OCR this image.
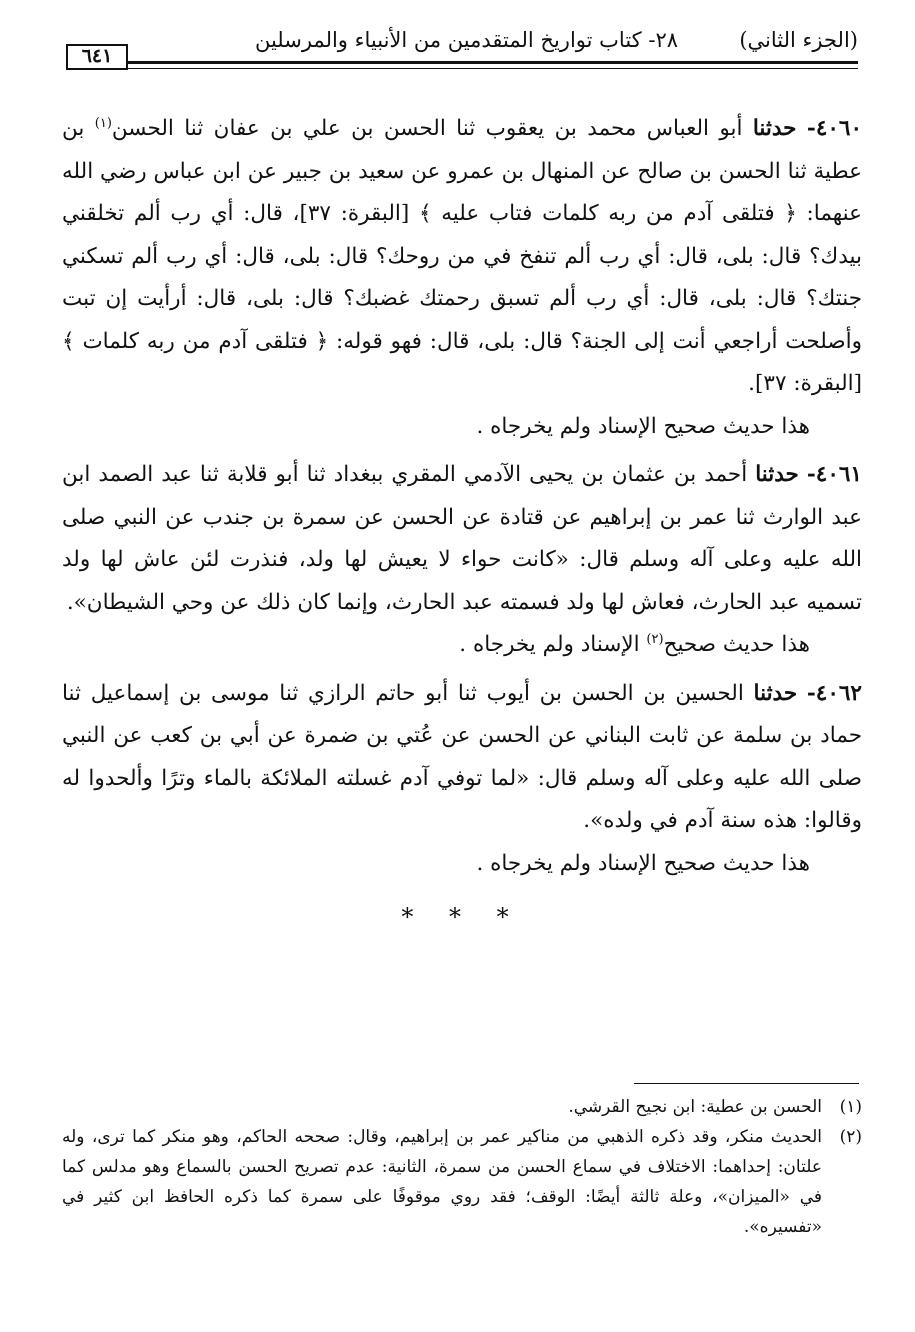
(الجزء الثاني)
٢٨- كتاب تواريخ المتقدمين من الأنبياء والمرسلين
٦٤١

٤٠٦٠- حدثنا أبو العباس محمد بن يعقوب ثنا الحسن بن علي بن عفان ثنا الحسن$^{(١)}$ بن عطية ثنا الحسن بن صالح عن المنهال بن عمرو عن سعيد بن جبير عن ابن عباس رضي الله عنهما: ﴿ فتلقى آدم من ربه كلمات فتاب عليه ﴾ [البقرة: ٣٧]، قال: أي رب ألم تخلقني بيدك؟ قال: بلى، قال: أي رب ألم تنفخ في من روحك؟ قال: بلى، قال: أي رب ألم تسكني جنتك؟ قال: بلى، قال: أي رب ألم تسبق رحمتك غضبك؟ قال: بلى، قال: أرأيت إن تبت وأصلحت أراجعي أنت إلى الجنة؟ قال: بلى، قال: فهو قوله: ﴿ فتلقى آدم من ربه كلمات ﴾ [البقرة: ٣٧].

هذا حديث صحيح الإسناد ولم يخرجاه .

٤٠٦١- حدثنا أحمد بن عثمان بن يحيى الآدمي المقري ببغداد ثنا أبو قلابة ثنا عبد الصمد ابن عبد الوارث ثنا عمر بن إبراهيم عن قتادة عن الحسن عن سمرة بن جندب عن النبي صلى الله عليه وعلى آله وسلم قال: «كانت حواء لا يعيش لها ولد، فنذرت لئن عاش لها ولد تسميه عبد الحارث، فعاش لها ولد فسمته عبد الحارث، وإنما كان ذلك عن وحي الشيطان».

هذا حديث صحيح$^{(٢)}$ الإسناد ولم يخرجاه .

٤٠٦٢- حدثنا الحسين بن الحسن بن أيوب ثنا أبو حاتم الرازي ثنا موسى بن إسماعيل ثنا حماد بن سلمة عن ثابت البناني عن الحسن عن عُتي بن ضمرة عن أبي بن كعب عن النبي صلى الله عليه وعلى آله وسلم قال: «لما توفي آدم غسلته الملائكة بالماء وترًا وألحدوا له وقالوا: هذه سنة آدم في ولده».

هذا حديث صحيح الإسناد ولم يخرجاه .

* * *
(١)
الحسن بن عطية: ابن نجيح القرشي.
(٢)
الحديث منكر، وقد ذكره الذهبي من مناكير عمر بن إبراهيم، وقال: صححه الحاكم، وهو منكر كما ترى، وله علتان: إحداهما: الاختلاف في سماع الحسن من سمرة، الثانية: عدم تصريح الحسن بالسماع وهو مدلس كما في «الميزان»، وعلة ثالثة أيضًا: الوقف؛ فقد روي موقوفًا على سمرة كما ذكره الحافظ ابن كثير في «تفسيره».
